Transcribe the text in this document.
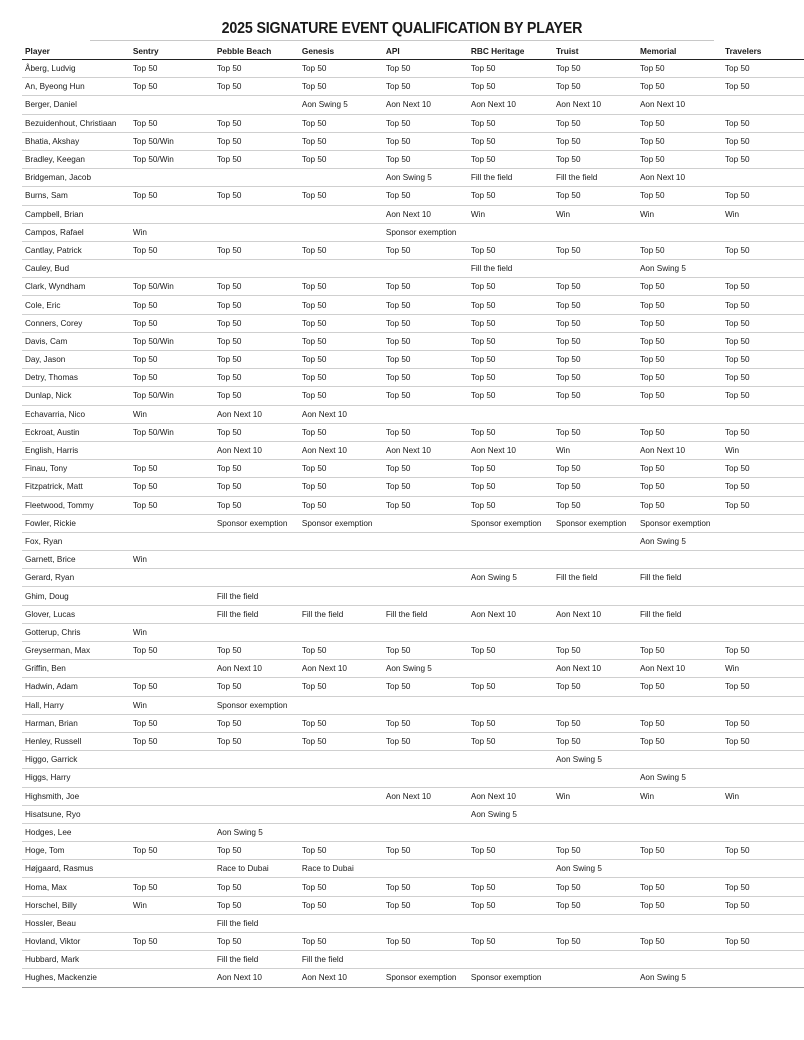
2025 SIGNATURE EVENT QUALIFICATION BY PLAYER
Player	Sentry	Pebble Beach	Genesis	API	RBC Heritage	Truist	Memorial	Travelers
Åberg, Ludvig	Top 50	Top 50	Top 50	Top 50	Top 50	Top 50	Top 50	Top 50
An, Byeong Hun	Top 50	Top 50	Top 50	Top 50	Top 50	Top 50	Top 50	Top 50
Berger, Daniel			Aon Swing 5	Aon Next 10	Aon Next 10	Aon Next 10	Aon Next 10	
Bezuidenhout, Christiaan	Top 50	Top 50	Top 50	Top 50	Top 50	Top 50	Top 50	Top 50
Bhatia, Akshay	Top 50/Win	Top 50	Top 50	Top 50	Top 50	Top 50	Top 50	Top 50
Bradley, Keegan	Top 50/Win	Top 50	Top 50	Top 50	Top 50	Top 50	Top 50	Top 50
Bridgeman, Jacob				Aon Swing 5	Fill the field	Fill the field	Aon Next 10	
Burns, Sam	Top 50	Top 50	Top 50	Top 50	Top 50	Top 50	Top 50	Top 50
Campbell, Brian				Aon Next 10	Win	Win	Win	Win
Campos, Rafael	Win			Sponsor exemption				
Cantlay, Patrick	Top 50	Top 50	Top 50	Top 50	Top 50	Top 50	Top 50	Top 50
Cauley, Bud					Fill the field		Aon Swing 5	
Clark, Wyndham	Top 50/Win	Top 50	Top 50	Top 50	Top 50	Top 50	Top 50	Top 50
Cole, Eric	Top 50	Top 50	Top 50	Top 50	Top 50	Top 50	Top 50	Top 50
Conners, Corey	Top 50	Top 50	Top 50	Top 50	Top 50	Top 50	Top 50	Top 50
Davis, Cam	Top 50/Win	Top 50	Top 50	Top 50	Top 50	Top 50	Top 50	Top 50
Day, Jason	Top 50	Top 50	Top 50	Top 50	Top 50	Top 50	Top 50	Top 50
Detry, Thomas	Top 50	Top 50	Top 50	Top 50	Top 50	Top 50	Top 50	Top 50
Dunlap, Nick	Top 50/Win	Top 50	Top 50	Top 50	Top 50	Top 50	Top 50	Top 50
Echavarria, Nico	Win	Aon Next 10	Aon Next 10					
Eckroat, Austin	Top 50/Win	Top 50	Top 50	Top 50	Top 50	Top 50	Top 50	Top 50
English, Harris		Aon Next 10	Aon Next 10	Aon Next 10	Aon Next 10	Win	Aon Next 10	Win
Finau, Tony	Top 50	Top 50	Top 50	Top 50	Top 50	Top 50	Top 50	Top 50
Fitzpatrick, Matt	Top 50	Top 50	Top 50	Top 50	Top 50	Top 50	Top 50	Top 50
Fleetwood, Tommy	Top 50	Top 50	Top 50	Top 50	Top 50	Top 50	Top 50	Top 50
Fowler, Rickie		Sponsor exemption	Sponsor exemption		Sponsor exemption	Sponsor exemption	Sponsor exemption	
Fox, Ryan							Aon Swing 5	
Garnett, Brice	Win							
Gerard, Ryan					Aon Swing 5	Fill the field	Fill the field	
Ghim, Doug		Fill the field						
Glover, Lucas		Fill the field	Fill the field	Fill the field	Aon Next 10	Aon Next 10	Fill the field	
Gotterup, Chris	Win							
Greyserman, Max	Top 50	Top 50	Top 50	Top 50	Top 50	Top 50	Top 50	Top 50
Griffin, Ben		Aon Next 10	Aon Next 10	Aon Swing 5		Aon Next 10	Aon Next 10	Win
Hadwin, Adam	Top 50	Top 50	Top 50	Top 50	Top 50	Top 50	Top 50	Top 50
Hall, Harry	Win	Sponsor exemption						
Harman, Brian	Top 50	Top 50	Top 50	Top 50	Top 50	Top 50	Top 50	Top 50
Henley, Russell	Top 50	Top 50	Top 50	Top 50	Top 50	Top 50	Top 50	Top 50
Higgo, Garrick						Aon Swing 5		
Higgs, Harry							Aon Swing 5	
Highsmith, Joe				Aon Next 10	Aon Next 10	Win	Win	Win
Hisatsune, Ryo					Aon Swing 5			
Hodges, Lee		Aon Swing 5						
Hoge, Tom	Top 50	Top 50	Top 50	Top 50	Top 50	Top 50	Top 50	Top 50
Højgaard, Rasmus		Race to Dubai	Race to Dubai			Aon Swing 5		
Homa, Max	Top 50	Top 50	Top 50	Top 50	Top 50	Top 50	Top 50	Top 50
Horschel, Billy	Win	Top 50	Top 50	Top 50	Top 50	Top 50	Top 50	Top 50
Hossler, Beau		Fill the field						
Hovland, Viktor	Top 50	Top 50	Top 50	Top 50	Top 50	Top 50	Top 50	Top 50
Hubbard, Mark		Fill the field	Fill the field					
Hughes, Mackenzie		Aon Next 10	Aon Next 10	Sponsor exemption	Sponsor exemption		Aon Swing 5	
